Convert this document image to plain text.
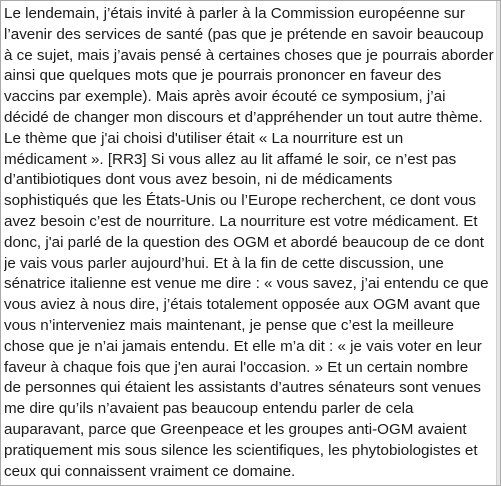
Le lendemain, j’étais invité à parler à la Commission européenne sur
l’avenir des services de santé (pas que je prétende en savoir beaucoup
à ce sujet, mais j’avais pensé à certaines choses que je pourrais aborder
ainsi que quelques mots que je pourrais prononcer en faveur des
vaccins par exemple). Mais après avoir écouté ce symposium, j’ai
décidé de changer mon discours et d’appréhender un tout autre thème.
Le thème que j'ai choisi d'utiliser était « La nourriture est un
médicament ». [RR3] Si vous allez au lit affamé le soir, ce n’est pas
d’antibiotiques dont vous avez besoin, ni de médicaments
sophistiqués que les États-Unis ou l’Europe recherchent, ce dont vous
avez besoin c’est de nourriture. La nourriture est votre médicament. Et
donc, j'ai parlé de la question des OGM et abordé beaucoup de ce dont
je vais vous parler aujourd’hui. Et à la fin de cette discussion, une
sénatrice italienne est venue me dire : « vous savez, j’ai entendu ce que
vous aviez à nous dire, j’étais totalement opposée aux OGM avant que
vous n’interveniez mais maintenant, je pense que c’est la meilleure
chose que je n’ai jamais entendu. Et elle m’a dit : « je vais voter en leur
faveur à chaque fois que j'en aurai l'occasion. » Et un certain nombre
de personnes qui étaient les assistants d’autres sénateurs sont venues
me dire qu’ils n’avaient pas beaucoup entendu parler de cela
auparavant, parce que Greenpeace et les groupes anti-OGM avaient
pratiquement mis sous silence les scientifiques, les phytobiologistes et
ceux qui connaissent vraiment ce domaine.
